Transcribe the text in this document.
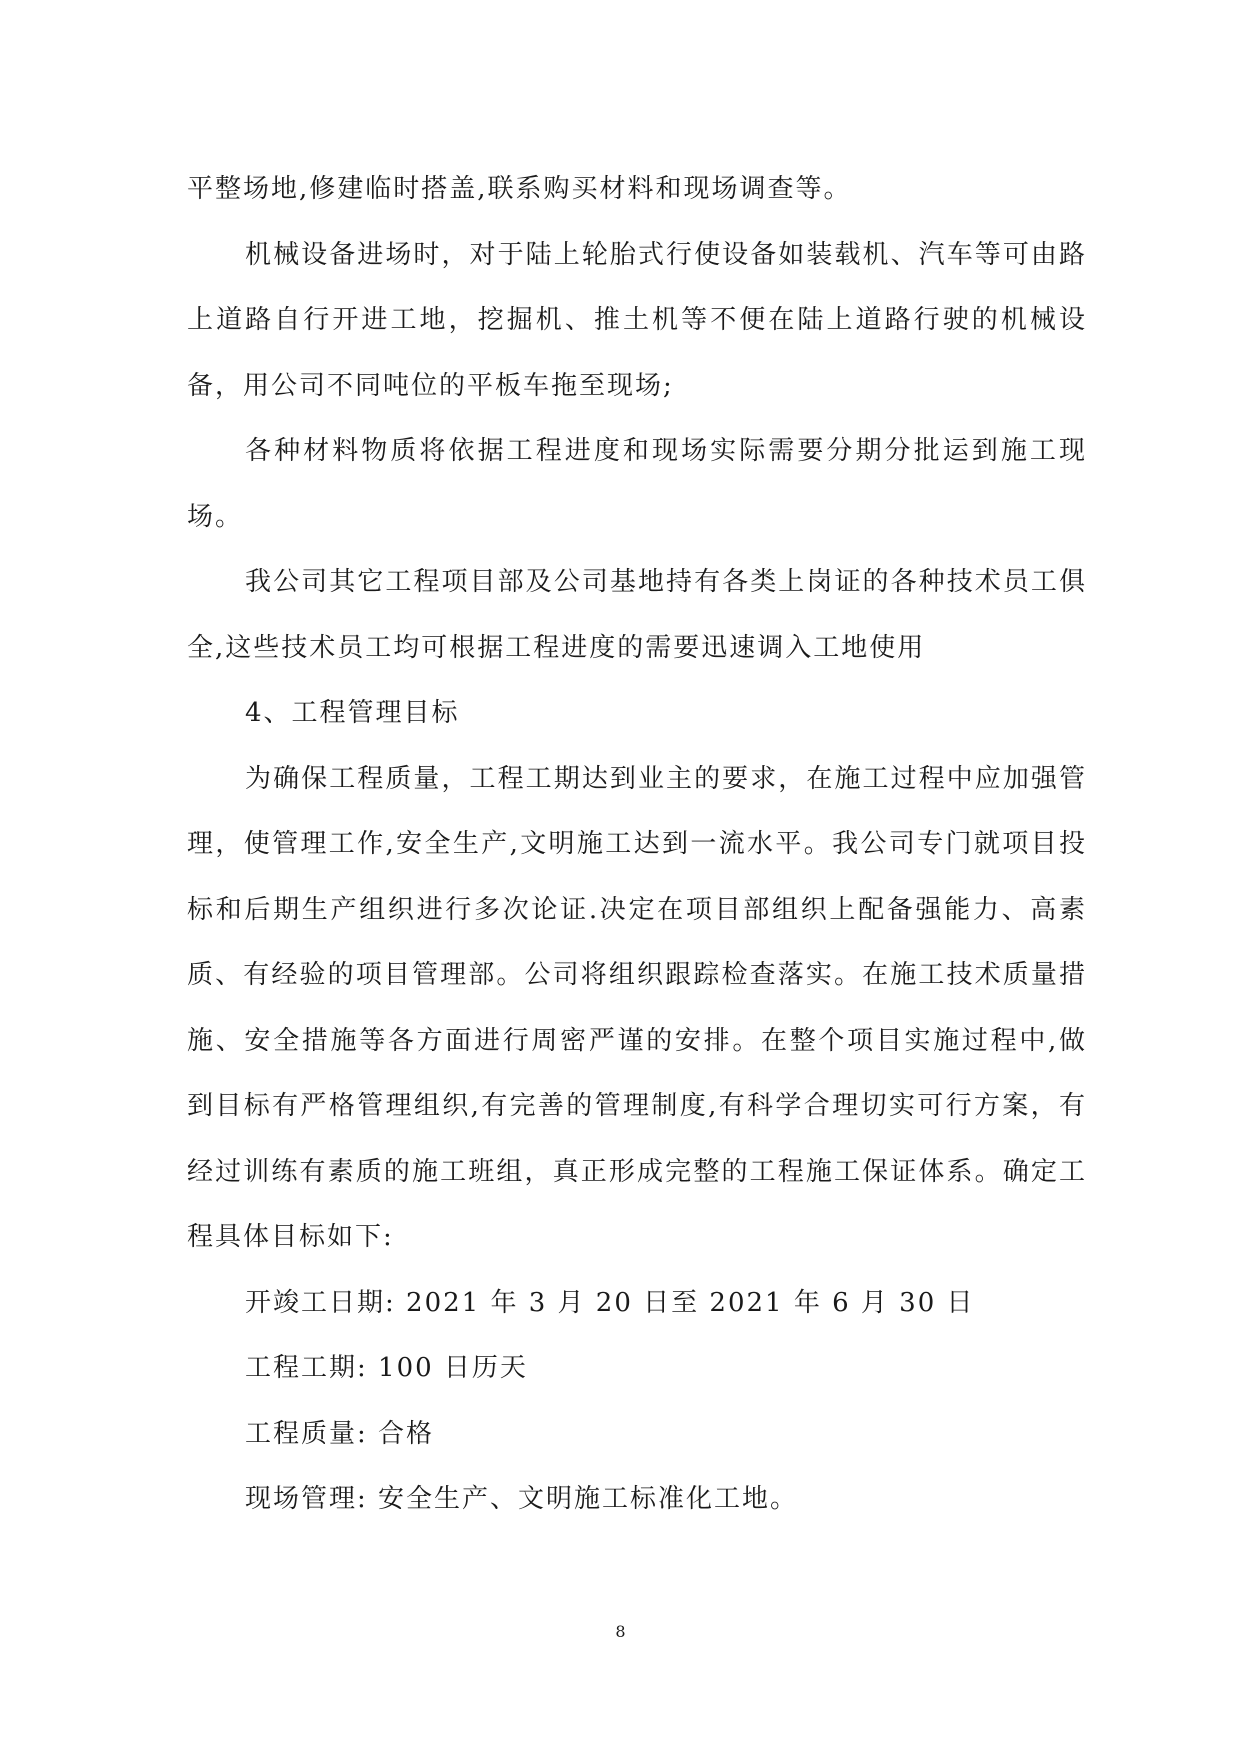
平整场地,修建临时搭盖,联系购买材料和现场调查等。

机械设备进场时，对于陆上轮胎式行使设备如装载机、汽车等可由路上道路自行开进工地，挖掘机、推土机等不便在陆上道路行驶的机械设备，用公司不同吨位的平板车拖至现场;

各种材料物质将依据工程进度和现场实际需要分期分批运到施工现场。

我公司其它工程项目部及公司基地持有各类上岗证的各种技术员工俱全,这些技术员工均可根据工程进度的需要迅速调入工地使用

4、工程管理目标

为确保工程质量，工程工期达到业主的要求，在施工过程中应加强管理，使管理工作,安全生产,文明施工达到一流水平。我公司专门就项目投标和后期生产组织进行多次论证.决定在项目部组织上配备强能力、高素质、有经验的项目管理部。公司将组织跟踪检查落实。在施工技术质量措施、安全措施等各方面进行周密严谨的安排。在整个项目实施过程中,做到目标有严格管理组织,有完善的管理制度,有科学合理切实可行方案，有经过训练有素质的施工班组，真正形成完整的工程施工保证体系。确定工程具体目标如下:

开竣工日期: 2021 年 3 月 20 日至 2021 年 6 月 30 日

工程工期: 100 日历天

工程质量: 合格

现场管理: 安全生产、文明施工标准化工地。

8
